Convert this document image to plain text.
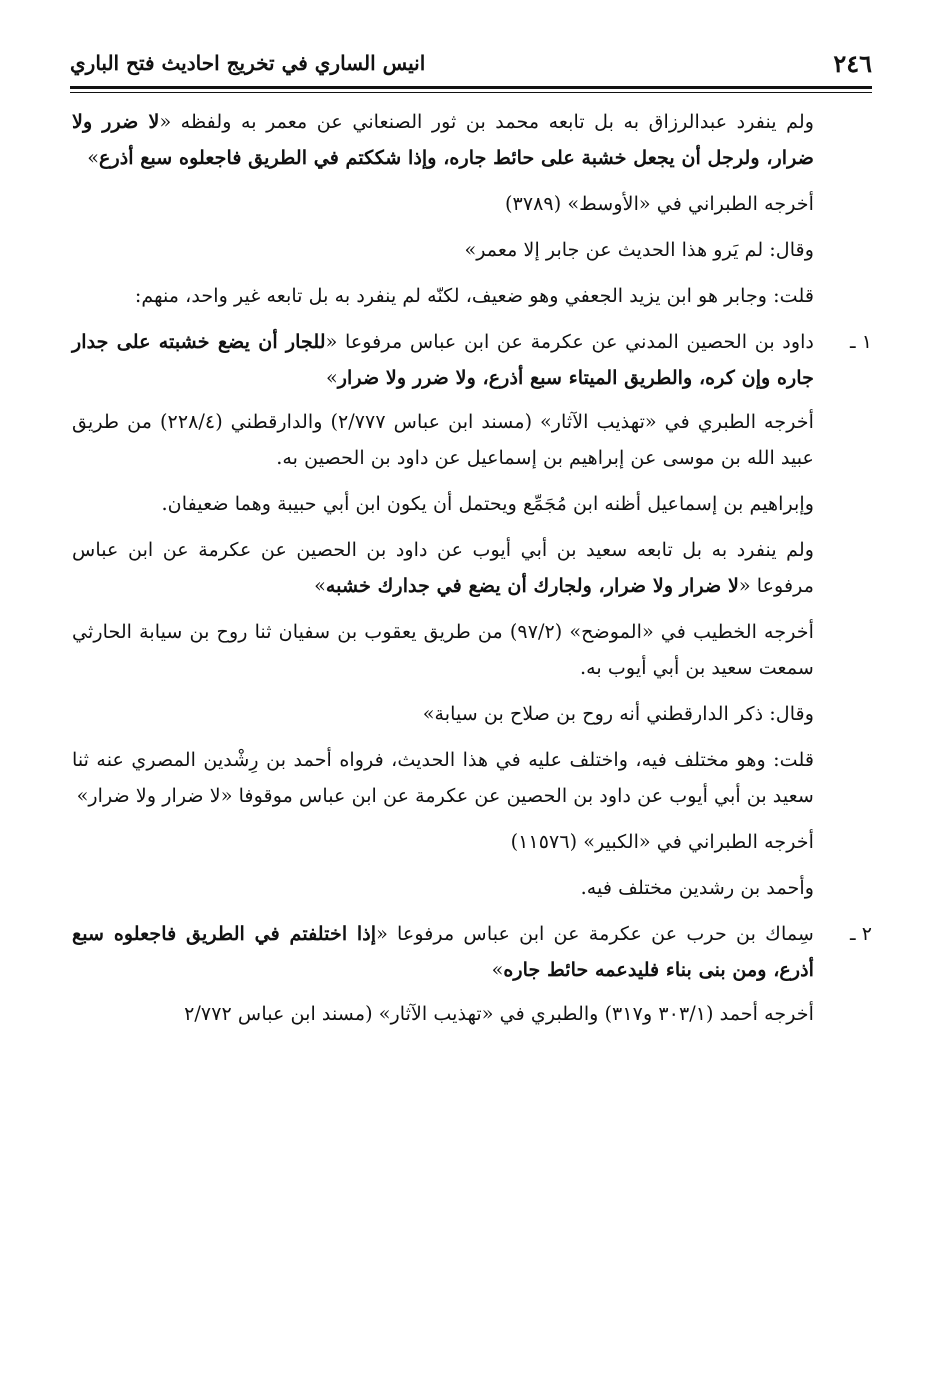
٢٤٦
انيس الساري في تخريج احاديث فتح الباري

ولم ينفرد عبدالرزاق به بل تابعه محمد بن ثور الصنعاني عن معمر به ولفظه «لا ضرر ولا ضرار، ولرجل أن يجعل خشبة على حائط جاره، وإذا شككتم في الطريق فاجعلوه سبع أذرع»

أخرجه الطبراني في «الأوسط» (٣٧٨٩)

وقال: لم يَرو هذا الحديث عن جابر إلا معمر»

قلت: وجابر هو ابن يزيد الجعفي وهو ضعيف، لكنّه لم ينفرد به بل تابعه غير واحد، منهم:

١ ـ
داود بن الحصين المدني عن عكرمة عن ابن عباس مرفوعا «للجار أن يضع خشبته على جدار جاره وإن كره، والطريق الميتاء سبع أذرع، ولا ضرر ولا ضرار»

أخرجه الطبري في «تهذيب الآثار» (مسند ابن عباس ٢/٧٧٧) والدارقطني (٢٢٨/٤) من طريق عبيد الله بن موسى عن إبراهيم بن إسماعيل عن داود بن الحصين به.

وإبراهيم بن إسماعيل أظنه ابن مُجَمِّع ويحتمل أن يكون ابن أبي حبيبة وهما ضعيفان.

ولم ينفرد به بل تابعه سعيد بن أبي أيوب عن داود بن الحصين عن عكرمة عن ابن عباس مرفوعا «لا ضرار ولا ضرار، ولجارك أن يضع في جدارك خشبه»

أخرجه الخطيب في «الموضح» (٩٧/٢) من طريق يعقوب بن سفيان ثنا روح بن سيابة الحارثي سمعت سعيد بن أبي أيوب به.

وقال: ذكر الدارقطني أنه روح بن صلاح بن سيابة»

قلت: وهو مختلف فيه، واختلف عليه في هذا الحديث، فرواه أحمد بن رِشْدين المصري عنه ثنا سعيد بن أبي أيوب عن داود بن الحصين عن عكرمة عن ابن عباس موقوفا «لا ضرار ولا ضرار»

أخرجه الطبراني في «الكبير» (١١٥٧٦)

وأحمد بن رشدين مختلف فيه.

٢ ـ
سِماك بن حرب عن عكرمة عن ابن عباس مرفوعا «إذا اختلفتم في الطريق فاجعلوه سبع أذرع، ومن بنى بناء فليدعمه حائط جاره»

أخرجه أحمد (٣٠٣/١ و٣١٧) والطبري في «تهذيب الآثار» (مسند ابن عباس ٢/٧٧٢
